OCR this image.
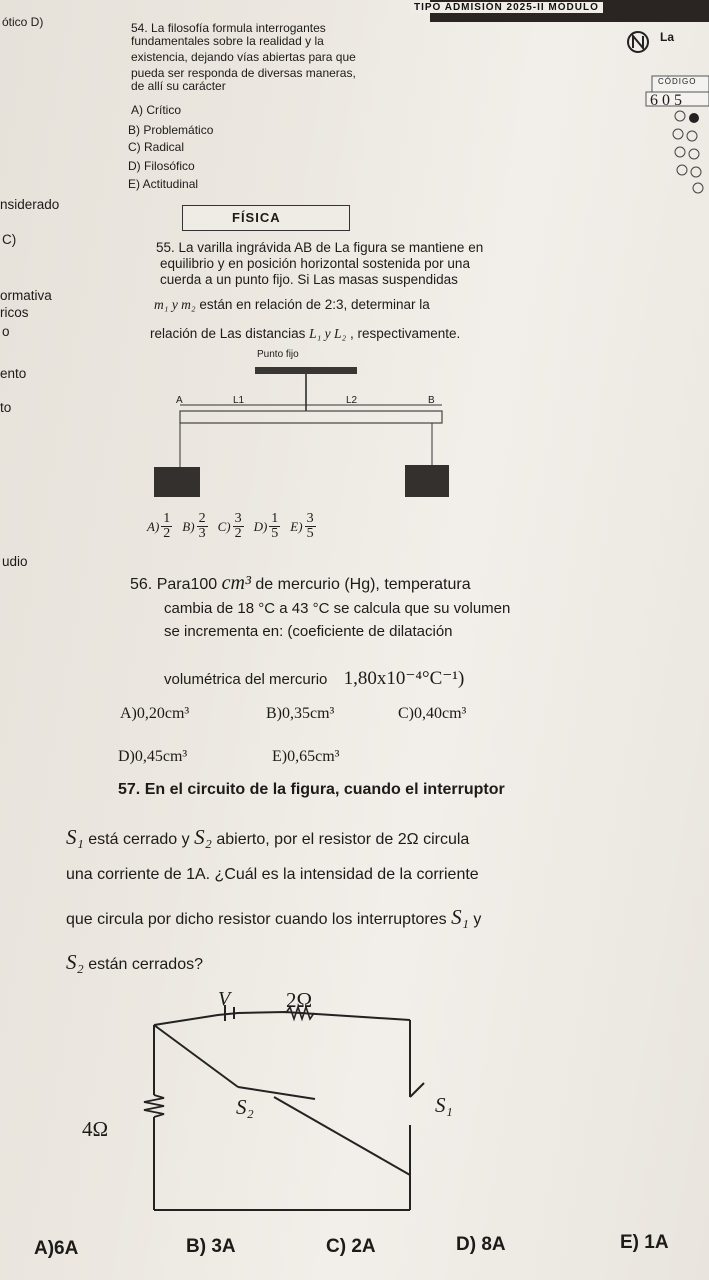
TIPO ADMISIÓN 2025-II MÓDULO
ótico D)
nsiderado
C)
ormativa
ricos
o
ento
to
udio
La
CÓDIGO
6 0 5
54. La filosofía formula interrogantes
fundamentales sobre la realidad y la
existencia, dejando vías abiertas para que
pueda ser responda de diversas maneras,
de allí su carácter
A) Crítico
B) Problemático
C) Radical
D) Filosófico
E) Actitudinal
FÍSICA
55. La varilla ingrávida AB de La figura se mantiene en
equilibrio y en posición horizontal sostenida por una
cuerda a un punto fijo. Si Las masas suspendidas
m₁ y m₂ están en relación de 2:3, determinar la
relación de Las distancias L₁ y L₂ , respectivamente.
Punto fijo
A	L1	L2	B
$A) \frac{1}{2} B) \frac{2}{3} C) \frac{3}{2} D) \frac{1}{5} E) \frac{3}{5}$
56. Para100 cm³ de mercurio (Hg), temperatura
cambia de 18 °C a 43 °C se calcula que su volumen
se incrementa en: (coeficiente de dilatación
volumétrica del mercurio 1,80x10⁻⁴°C⁻¹)
A)0,20cm³	B)0,35cm³	C)0,40cm³
D)0,45cm³	E)0,65cm³
57. En el circuito de la figura, cuando el interruptor
S₁ está cerrado y S₂ abierto, por el resistor de 2Ω circula
una corriente de 1A. ¿Cuál es la intensidad de la corriente
que circula por dicho resistor cuando los interruptores S₁ y
S₂ están cerrados?
V	2Ω
4Ω
S₂	S₁
A)6A	B) 3A	C) 2A	D) 8A	E) 1A
